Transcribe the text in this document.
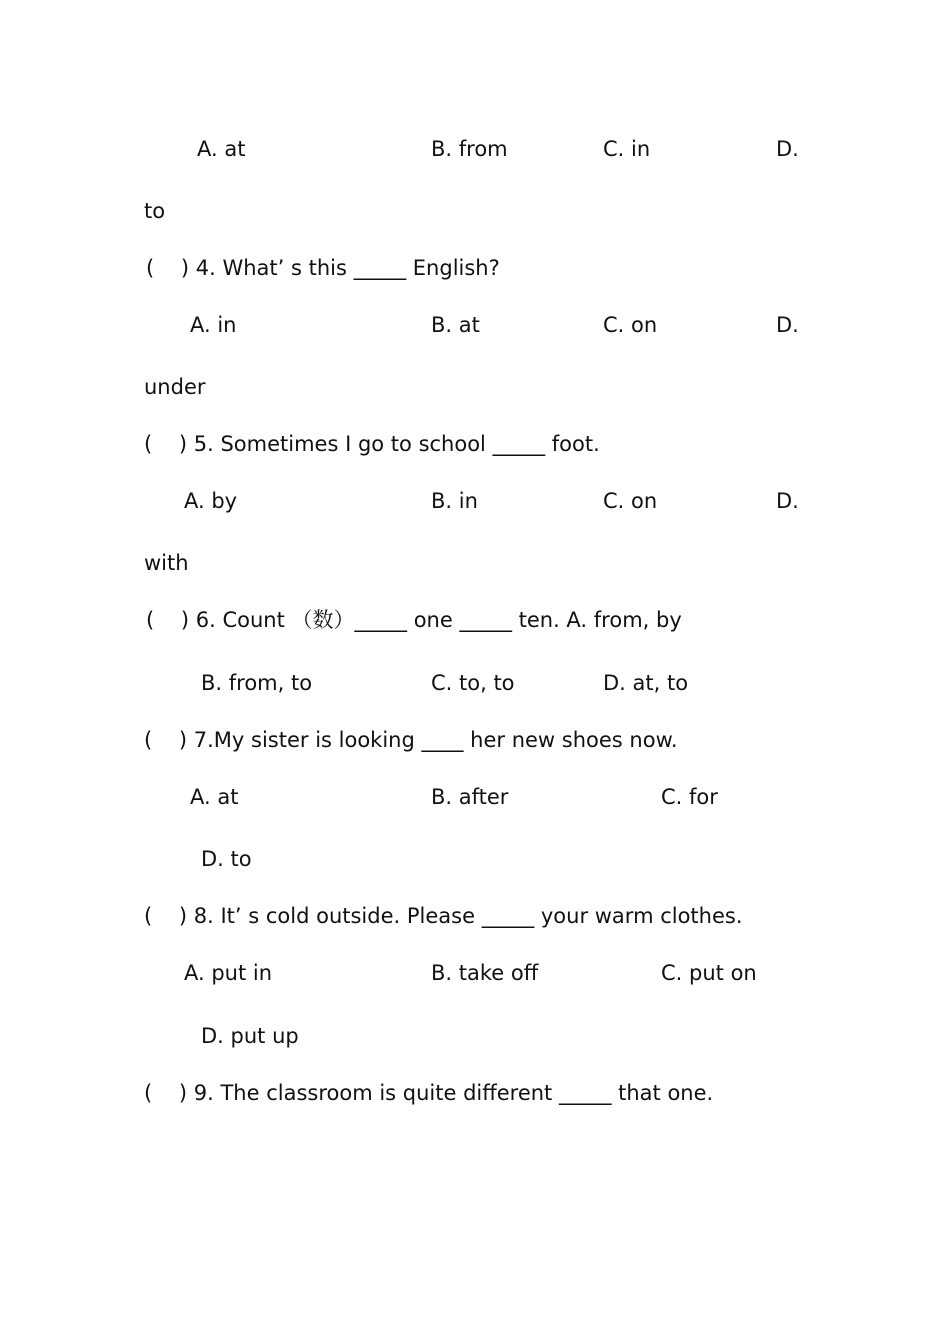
A. at	B. from	C. in	D.
to
(    ) 4. What’ s this _____ English?
A. in	B. at	C. on	D.
under
(    ) 5. Sometimes I go to school _____ foot.
A. by	B. in	C. on	D.
with
(    ) 6. Count （数）_____ one _____ ten. A. from, by
B. from, to	C. to, to	D. at, to
(    ) 7.My sister is looking ____ her new shoes now.
A. at	B. after	C. for
D. to
(    ) 8. It’ s cold outside. Please _____ your warm clothes.
A. put in	B. take off	C. put on
D. put up
(    ) 9. The classroom is quite different _____ that one.
